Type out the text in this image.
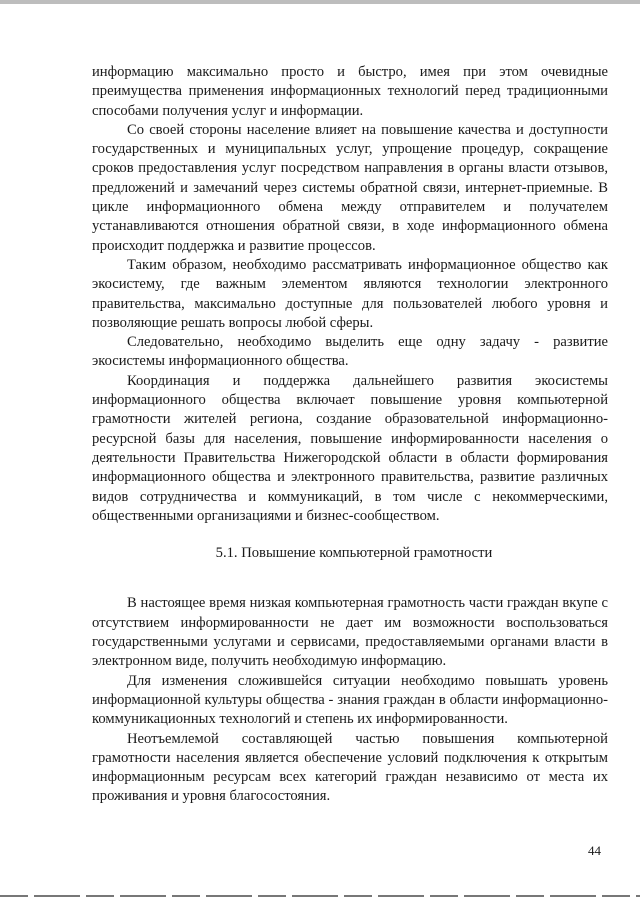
информацию максимально просто и быстро, имея при этом очевидные преимущества применения информационных технологий перед традиционными способами получения услуг и информации.

Со своей стороны население влияет на повышение качества и доступности государственных и муниципальных услуг, упрощение процедур, сокращение сроков предоставления услуг посредством направления в органы власти отзывов, предложений и замечаний через системы обратной связи, интернет-приемные. В цикле информационного обмена между отправителем и получателем устанавливаются отношения обратной связи, в ходе информационного обмена происходит поддержка и развитие процессов.

Таким образом, необходимо рассматривать информационное общество как экосистему, где важным элементом являются технологии электронного правительства, максимально доступные для пользователей любого уровня и позволяющие решать вопросы любой сферы.

Следовательно, необходимо выделить еще одну задачу - развитие экосистемы информационного общества.

Координация и поддержка дальнейшего развития экосистемы информационного общества включает повышение уровня компьютерной грамотности жителей региона, создание образовательной информационно-ресурсной базы для населения, повышение информированности населения о деятельности Правительства Нижегородской области в области формирования информационного общества и электронного правительства, развитие различных видов сотрудничества и коммуникаций, в том числе с некоммерческими, общественными организациями и бизнес-сообществом.

5.1. Повышение компьютерной грамотности

В настоящее время низкая компьютерная грамотность части граждан вкупе с отсутствием информированности не дает им возможности воспользоваться государственными услугами и сервисами, предоставляемыми органами власти в электронном виде, получить необходимую информацию.

Для изменения сложившейся ситуации необходимо повышать уровень информационной культуры общества - знания граждан в области информационно-коммуникационных технологий и степень их информированности.

Неотъемлемой составляющей частью повышения компьютерной грамотности населения является обеспечение условий подключения к открытым информационным ресурсам всех категорий граждан независимо от места их проживания и уровня благосостояния.

44
